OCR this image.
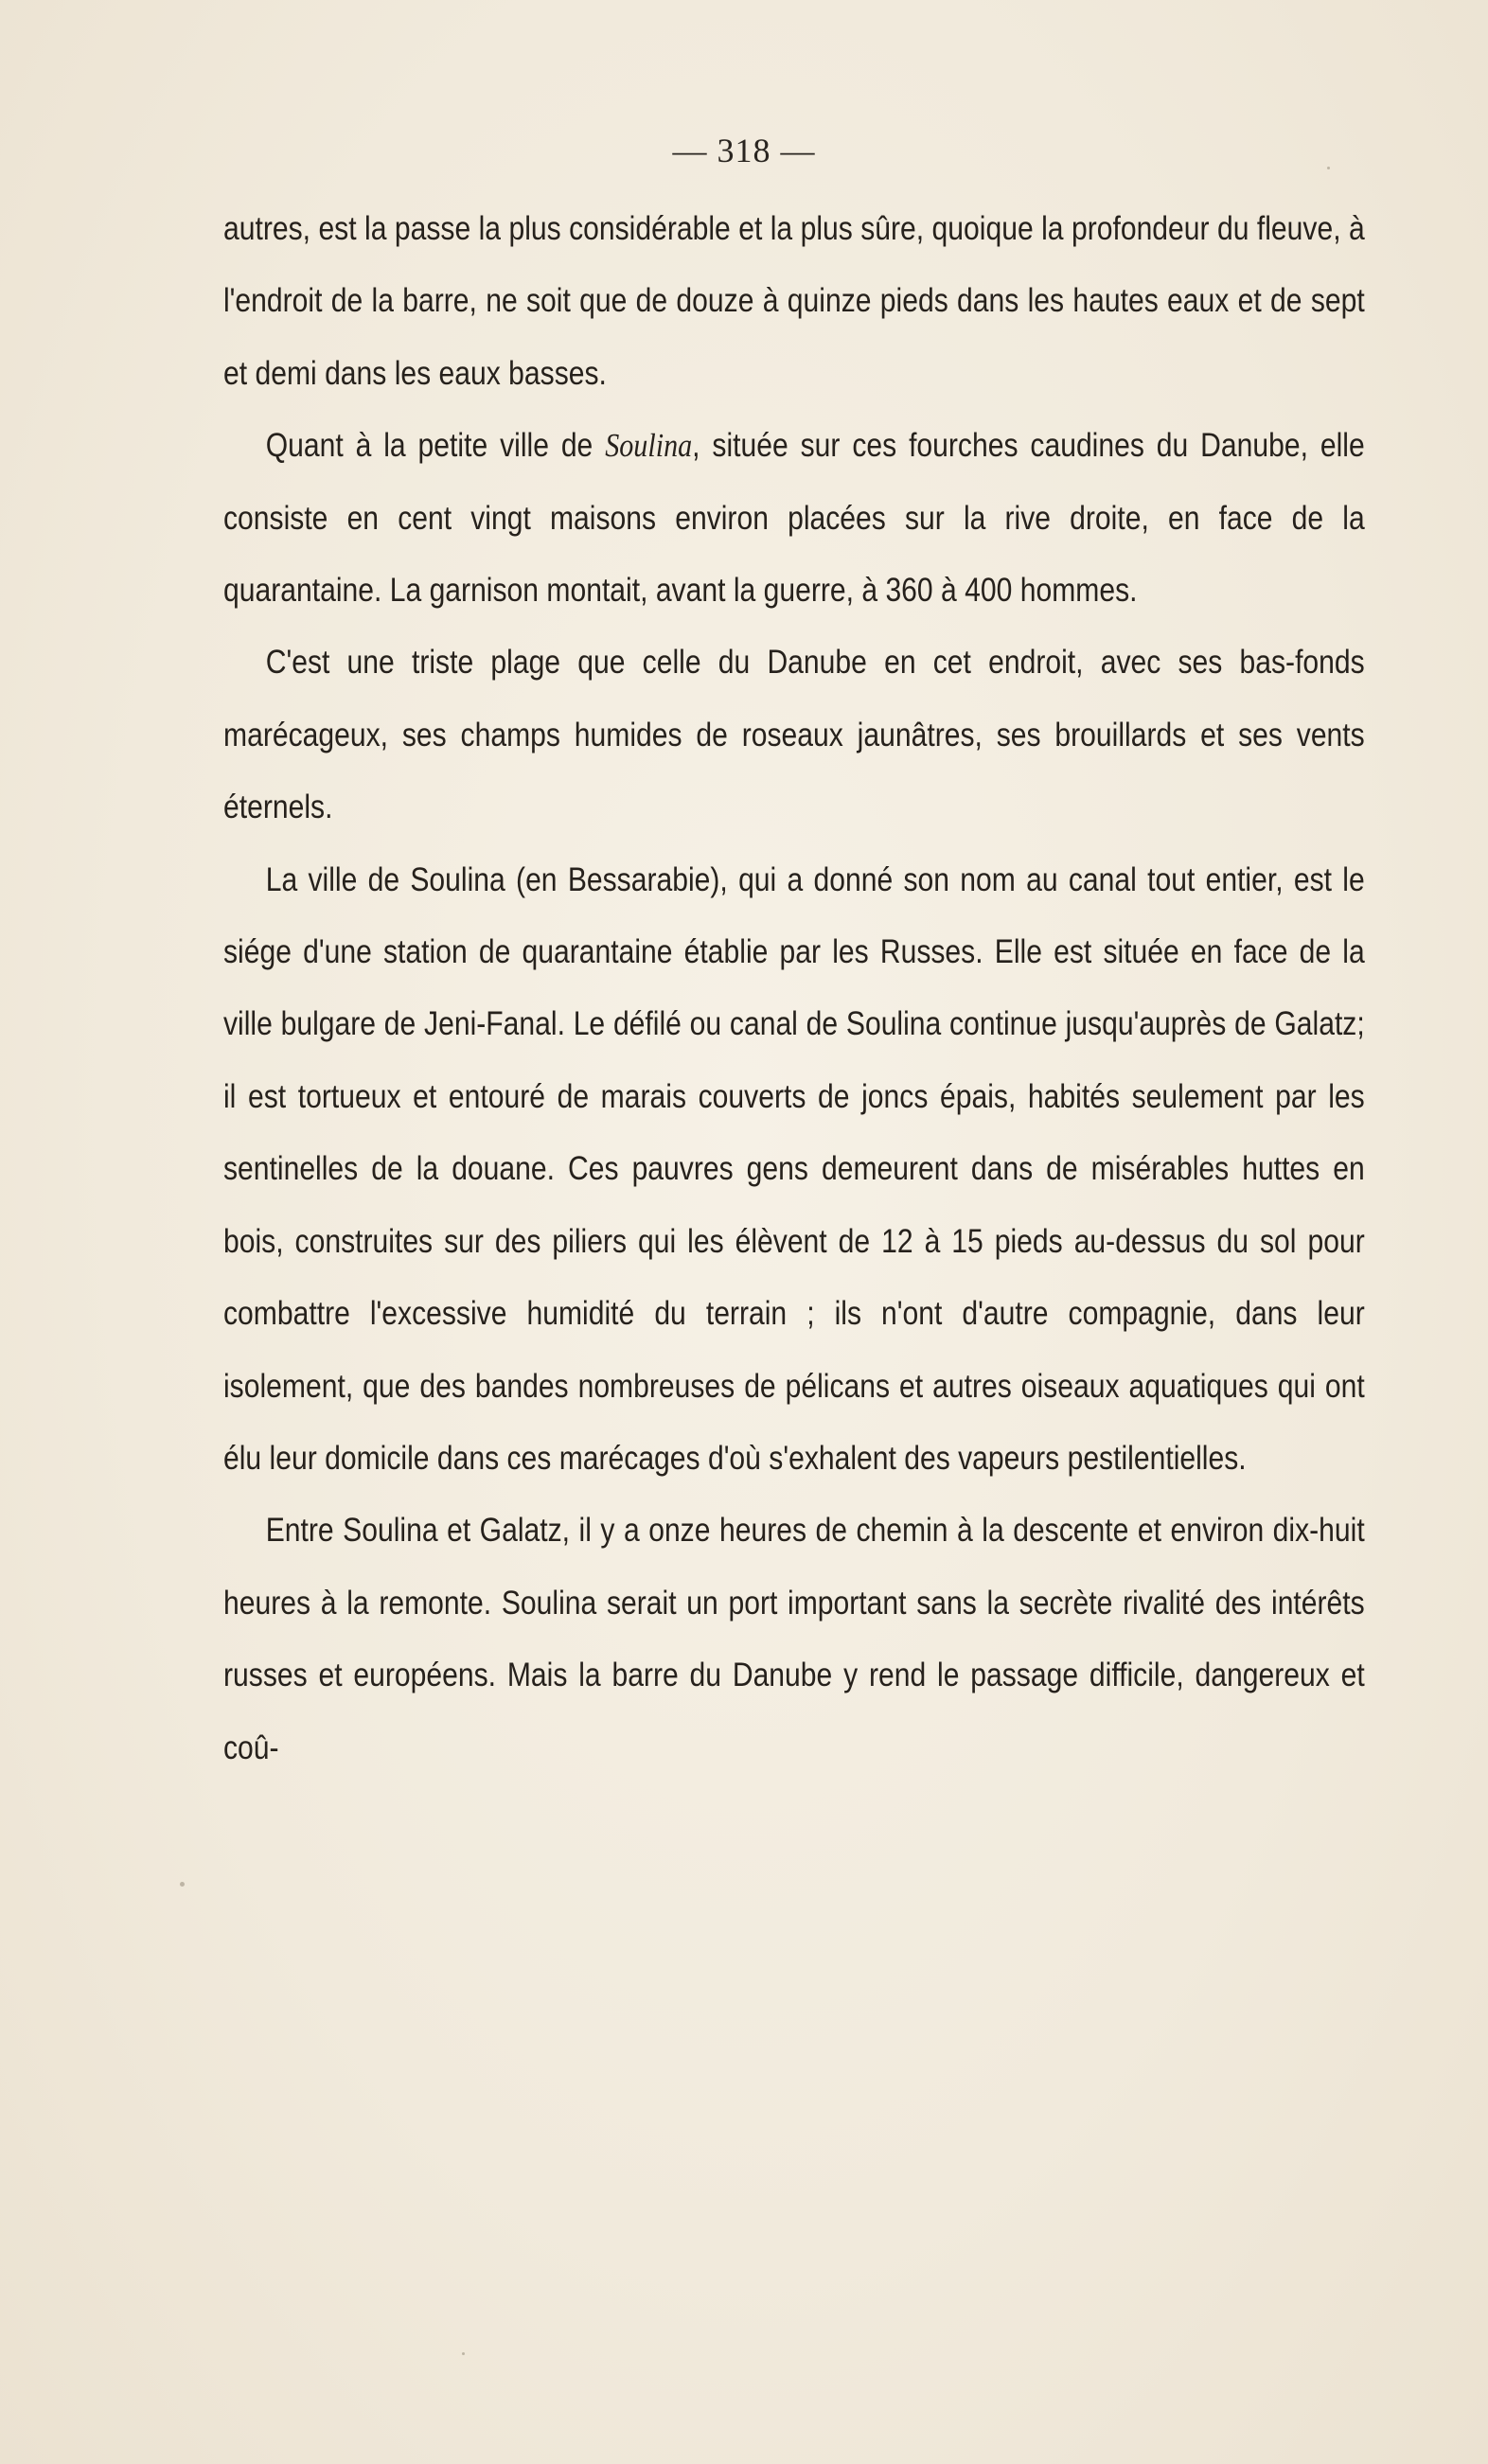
— 318 —

autres, est la passe la plus considérable et la plus sûre, quoique la profondeur du fleuve, à l'endroit de la barre, ne soit que de douze à quinze pieds dans les hautes eaux et de sept et demi dans les eaux basses.

Quant à la petite ville de Soulina, située sur ces fourches caudines du Danube, elle consiste en cent vingt maisons environ placées sur la rive droite, en face de la quarantaine. La garnison montait, avant la guerre, à 360 à 400 hommes.

C'est une triste plage que celle du Danube en cet endroit, avec ses bas-fonds marécageux, ses champs humides de roseaux jaunâtres, ses brouillards et ses vents éternels.

La ville de Soulina (en Bessarabie), qui a donné son nom au canal tout entier, est le siége d'une station de quarantaine établie par les Russes. Elle est située en face de la ville bulgare de Jeni-Fanal. Le défilé ou canal de Soulina continue jusqu'auprès de Galatz; il est tortueux et entouré de marais couverts de joncs épais, habités seulement par les sentinelles de la douane. Ces pauvres gens demeurent dans de misérables huttes en bois, construites sur des piliers qui les élèvent de 12 à 15 pieds au-dessus du sol pour combattre l'excessive humidité du terrain ; ils n'ont d'autre compagnie, dans leur isolement, que des bandes nombreuses de pélicans et autres oiseaux aquatiques qui ont élu leur domicile dans ces marécages d'où s'exhalent des vapeurs pestilentielles.

Entre Soulina et Galatz, il y a onze heures de chemin à la descente et environ dix-huit heures à la remonte. Soulina serait un port important sans la secrète rivalité des intérêts russes et européens. Mais la barre du Danube y rend le passage difficile, dangereux et coû-
